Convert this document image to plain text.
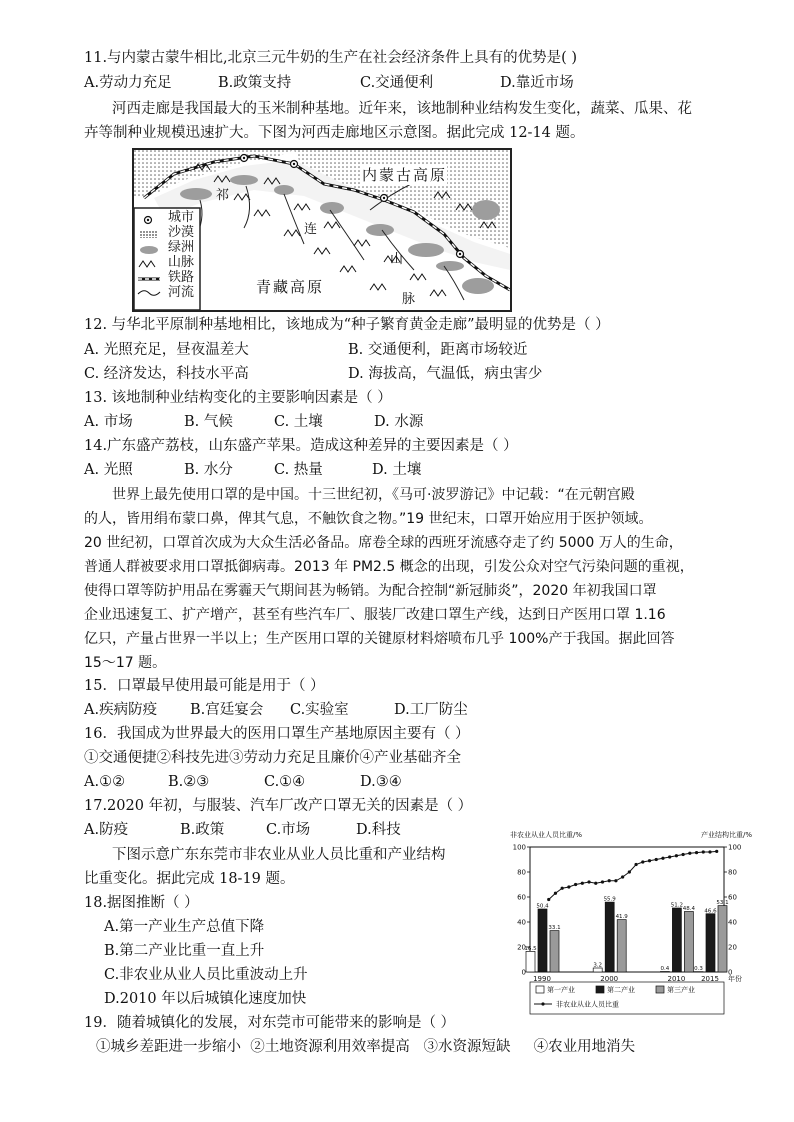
11.与内蒙古蒙牛相比,北京三元牛奶的生产在社会经济条件上具有的优势是( )
A.劳动力充足	B.政策支持	C.交通便利	D.靠近市场
河西走廊是我国最大的玉米制种基地。近年来，该地制种业结构发生变化，蔬菜、瓜果、花
卉等制种业规模迅速扩大。下图为河西走廊地区示意图。据此完成 12-14 题。
内蒙古高原
青藏高原
祁
连
山
脉
城市
沙漠
绿洲
山脉
铁路
河流
12. 与华北平原制种基地相比，该地成为“种子繁育黄金走廊”最明显的优势是（ ）
A. 光照充足，昼夜温差大	B. 交通便利，距离市场较近
C. 经济发达，科技水平高	D. 海拔高，气温低，病虫害少
13. 该地制种业结构变化的主要影响因素是（ ）
A. 市场	B. 气候	C. 土壤	D. 水源
14.广东盛产荔枝，山东盛产苹果。造成这种差异的主要因素是（ ）
A. 光照	B. 水分	C. 热量	D. 土壤
世界上最先使用口罩的是中国。十三世纪初，《马可·波罗游记》中记载：“在元朝宫殿
的人，皆用绢布蒙口鼻，俾其气息，不触饮食之物。”19 世纪末，口罩开始应用于医护领域。
20 世纪初，口罩首次成为大众生活必备品。席卷全球的西班牙流感夺走了约 5000 万人的生命，
普通人群被要求用口罩抵御病毒。2013 年 PM2.5 概念的出现，引发公众对空气污染问题的重视，
使得口罩等防护用品在雾霾天气期间甚为畅销。为配合控制“新冠肺炎”，2020 年初我国口罩
企业迅速复工、扩产增产，甚至有些汽车厂、服装厂改建口罩生产线，达到日产医用口罩 1.16
亿只，产量占世界一半以上；生产医用口罩的关键原材料熔喷布几乎 100%产于我国。据此回答
15～17 题。
15．口罩最早使用最可能是用于（ ）
A.疾病防疫 B.宫廷宴会 C.实验室	D.工厂防尘
16．我国成为世界最大的医用口罩生产基地原因主要有（ ）
①交通便捷②科技先进③劳动力充足且廉价④产业基础齐全
A.①②	B.②③	C.①④	D.③④
17.2020 年初，与服装、汽车厂改产口罩无关的因素是（ ）
A.防疫	B.政策	C.市场	D.科技
下图示意广东东莞市非农业从业人员比重和产业结构
比重变化。据此完成 18-19 题。
18.据图推断（ ）
A.第一产业生产总值下降
B.第二产业比重一直上升
C.非农业从业人员比重波动上升
D.2010 年以后城镇化速度加快
19．随着城镇化的发展，对东莞市可能带来的影响是（ ）
①城乡差距进一步缩小  ②土地资源利用效率提高   ③水资源短缺     ④农业用地消失
非农业从业人员比重/%	产业结构比重/%
0	0
20	20
40	40
60	60
80	80
100	100
16.5
50.4
33.1
1990
3.2
55.9
41.9
2000
0.4
51.2
48.4
2010
0.3
46.6
53.1
2015 年份
第一产业	第二产业	第三产业
非农业从业人员比重
